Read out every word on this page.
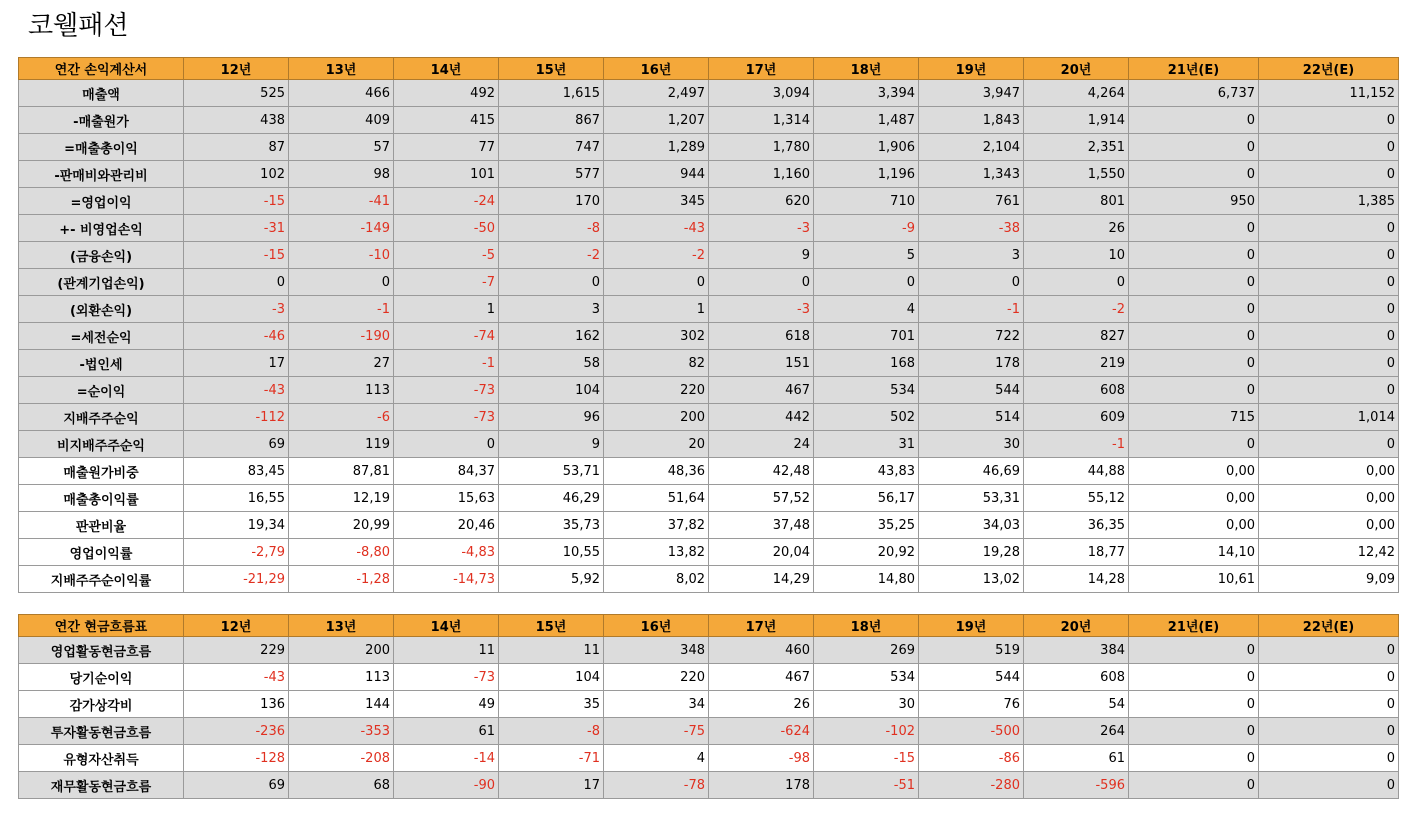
코웰패션
연간 손익계산서	12년	13년	14년	15년	16년	17년	18년	19년	20년	21년(E)	22년(E)
매출액	525	466	492	1,615	2,497	3,094	3,394	3,947	4,264	6,737	11,152
-매출원가	438	409	415	867	1,207	1,314	1,487	1,843	1,914	0	0
=매출총이익	87	57	77	747	1,289	1,780	1,906	2,104	2,351	0	0
-판매비와관리비	102	98	101	577	944	1,160	1,196	1,343	1,550	0	0
=영업이익	-15	-41	-24	170	345	620	710	761	801	950	1,385
+- 비영업손익	-31	-149	-50	-8	-43	-3	-9	-38	26	0	0
(금융손익)	-15	-10	-5	-2	-2	9	5	3	10	0	0
(관계기업손익)	0	0	-7	0	0	0	0	0	0	0	0
(외환손익)	-3	-1	1	3	1	-3	4	-1	-2	0	0
=세전순익	-46	-190	-74	162	302	618	701	722	827	0	0
-법인세	17	27	-1	58	82	151	168	178	219	0	0
=순이익	-43	113	-73	104	220	467	534	544	608	0	0
지배주주순익	-112	-6	-73	96	200	442	502	514	609	715	1,014
비지배주주순익	69	119	0	9	20	24	31	30	-1	0	0
매출원가비중	83,45	87,81	84,37	53,71	48,36	42,48	43,83	46,69	44,88	0,00	0,00
매출총이익률	16,55	12,19	15,63	46,29	51,64	57,52	56,17	53,31	55,12	0,00	0,00
판관비율	19,34	20,99	20,46	35,73	37,82	37,48	35,25	34,03	36,35	0,00	0,00
영업이익률	-2,79	-8,80	-4,83	10,55	13,82	20,04	20,92	19,28	18,77	14,10	12,42
지배주주순이익률	-21,29	-1,28	-14,73	5,92	8,02	14,29	14,80	13,02	14,28	10,61	9,09
연간 현금흐름표	12년	13년	14년	15년	16년	17년	18년	19년	20년	21년(E)	22년(E)
영업활동현금흐름	229	200	11	11	348	460	269	519	384	0	0
당기순이익	-43	113	-73	104	220	467	534	544	608	0	0
감가상각비	136	144	49	35	34	26	30	76	54	0	0
투자활동현금흐름	-236	-353	61	-8	-75	-624	-102	-500	264	0	0
유형자산취득	-128	-208	-14	-71	4	-98	-15	-86	61	0	0
재무활동현금흐름	69	68	-90	17	-78	178	-51	-280	-596	0	0
